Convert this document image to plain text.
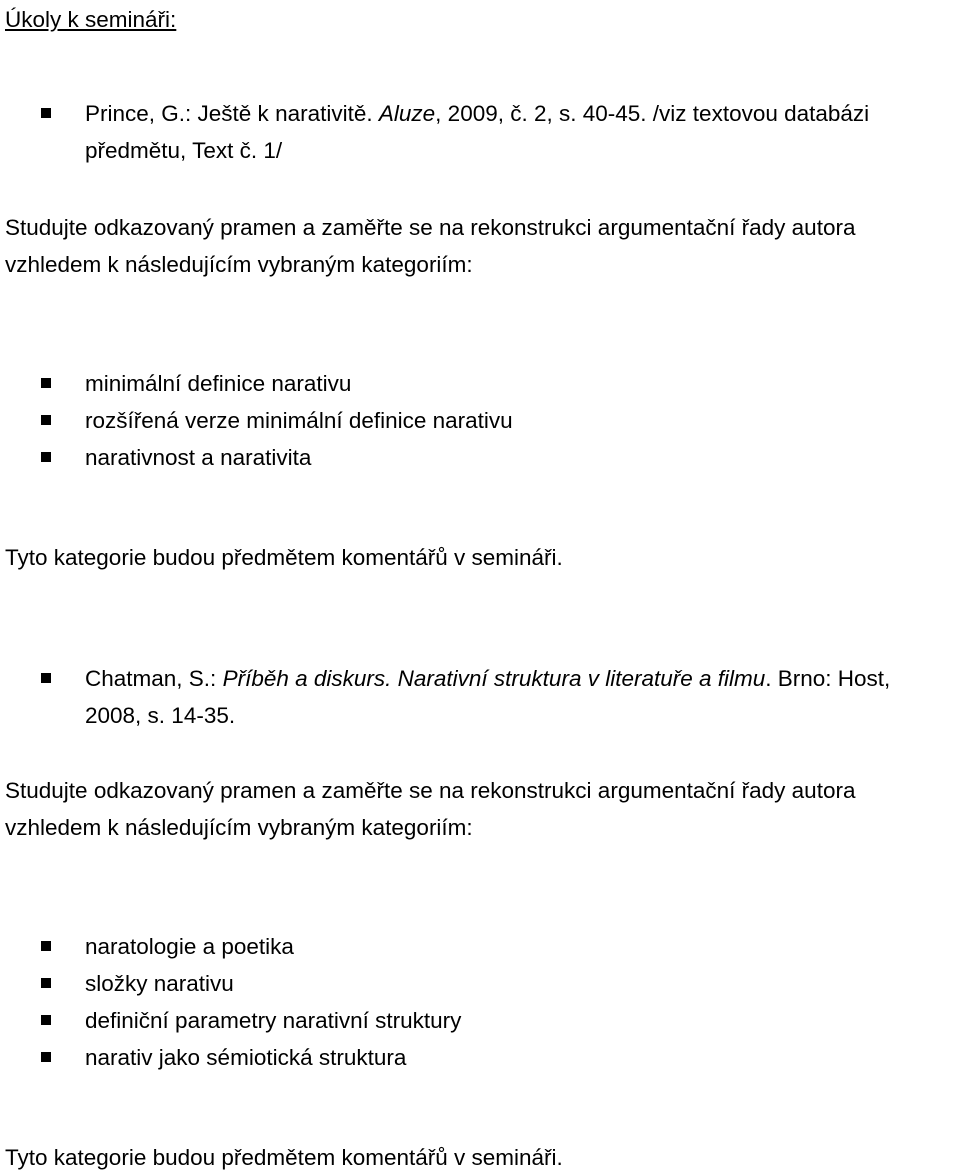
Úkoly k semináři:

Prince, G.: Ještě k narativitě. Aluze, 2009, č. 2, s. 40-45. /viz textovou databázi
předmětu, Text č. 1/

Studujte odkazovaný pramen a zaměřte se na rekonstrukci argumentační řady autora

vzhledem k následujícím vybraným kategoriím:

minimální definice narativu
rozšířená verze minimální definice narativu
narativnost a narativita

Tyto kategorie budou předmětem komentářů v semináři.

Chatman, S.: Příběh a diskurs. Narativní struktura v literatuře a filmu. Brno: Host,
2008, s. 14-35.

Studujte odkazovaný pramen a zaměřte se na rekonstrukci argumentační řady autora

vzhledem k následujícím vybraným kategoriím:

naratologie a poetika
složky narativu
definiční parametry narativní struktury
narativ jako sémiotická struktura

Tyto kategorie budou předmětem komentářů v semináři.
